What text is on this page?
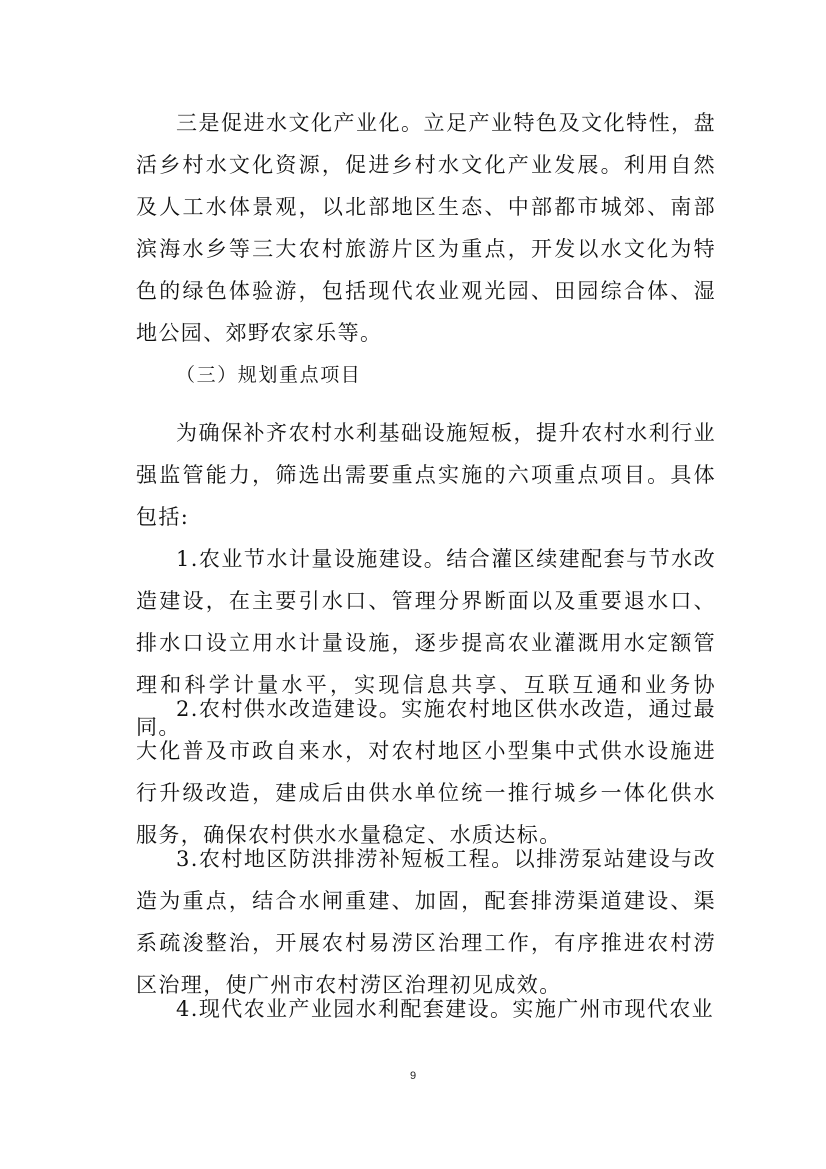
三是促进水文化产业化。立足产业特色及文化特性，盘活乡村水文化资源，促进乡村水文化产业发展。利用自然及人工水体景观，以北部地区生态、中部都市城郊、南部滨海水乡等三大农村旅游片区为重点，开发以水文化为特色的绿色体验游，包括现代农业观光园、田园综合体、湿地公园、郊野农家乐等。

（三）规划重点项目

为确保补齐农村水利基础设施短板，提升农村水利行业强监管能力，筛选出需要重点实施的六项重点项目。具体包括:

1.农业节水计量设施建设。结合灌区续建配套与节水改造建设，在主要引水口、管理分界断面以及重要退水口、排水口设立用水计量设施，逐步提高农业灌溉用水定额管理和科学计量水平，实现信息共享、互联互通和业务协同。

2.农村供水改造建设。实施农村地区供水改造，通过最大化普及市政自来水，对农村地区小型集中式供水设施进行升级改造，建成后由供水单位统一推行城乡一体化供水服务，确保农村供水水量稳定、水质达标。

3.农村地区防洪排涝补短板工程。以排涝泵站建设与改造为重点，结合水闸重建、加固，配套排涝渠道建设、渠系疏浚整治，开展农村易涝区治理工作，有序推进农村涝区治理，使广州市农村涝区治理初见成效。

4.现代农业产业园水利配套建设。实施广州市现代农业

9
